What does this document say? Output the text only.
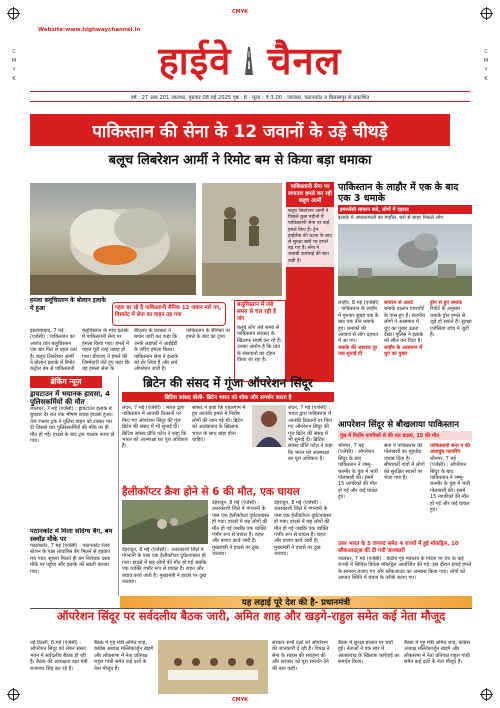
CMYK
CMYK
C
M
Y
K
C
M
Y
K
Website:www.highwaychannel.in
हाईवे चैनल
वर्ष : 27 अंक 201 जालंधर, गुरुवार 08 मई 2025 पृष्ठ : 8 · मूल्य : ₹ 3.00 · जालंधर, पठानकोट व बिलासपुर से प्रकाशित
पाकिस्तान की सेना के 12 जवानों के उड़े चीथड़े
बलूच लिबरेशन आर्मी ने रिमोट बम से किया बड़ा धमाका
पाकिस्तानी सेना पर लगातार हमले कर रही बलूच आर्मी
बलूच लिबरेशन आर्मी ने पिछले कुछ महीनों में पाकिस्तानी सेना पर कई हमले किए हैं। ट्रेन हाईजैक की घटना के बाद से सुरक्षा बलों पर हमले बढ़ गए हैं। सेना ने जवाबी कार्रवाई की बात कही है।
हमला बलूचिस्तान के बोलान इलाके में हुआ	गहरा डर रहे है पाकिस्तानी सैनिक 12 जवान मारे गए, विस्फोट में सेना का वाहन उड़ गया
बलूचिस्तान में लंबे समय से चल रही है जंग
बलूच लोग लंबे समय से पाकिस्तान सरकार के खिलाफ संघर्ष कर रहे हैं। उनका आरोप है कि प्रांत के संसाधनों का दोहन किया जा रहा है।
इस्लामाबाद, 7 मई (एजेंसी) : पाकिस्तान का अशांत प्रांत बलूचिस्तान एक बार फिर से दहल उठा है। बलूच लिबरेशन आर्मी ने बोलान इलाके में रिमोट कंट्रोल बम से पाकिस्तानी
बलूचिस्तान के माच इलाके में पाकिस्तानी सेना पर हमला किया गया। हमले में वाहन पूरी तरह तबाह हो गया। बीएलए ने हमले की जिम्मेदारी लेते हुए कहा कि यह हमला सेना के
बीएलए के प्रवक्ता ने बयान जारी कर कहा कि उनके लड़ाकों ने आईईडी के जरिए हमला किया। पाकिस्तान सेना ने इलाके को घेर लिया है और सर्च ऑपरेशन जारी है।
पाकिस्तान के सैनिकों पर हमले के बाद का दृश्य
पाकिस्तान के लाहौर में एक के बाद एक 3 धमाके
इमरजेंसी सायरन बजे, लोगों में दहशत
इलाके में अफरातफरी का माहौल, घरों से बाहर निकले लोग
लाहौर, 8 मई (एजेंसी) : पाकिस्तान के लाहौर में गुरुवार सुबह एक के बाद एक तीन धमाके हुए। धमाकों की आवाज से लोग दहशत में आ गए।
धमाके की आवाज दूर तक सुनाई दी
सायरन से अलर्ट
धमाके वाल्टन एयरपोर्ट के पास हुए हैं। स्थानीय लोगों ने आसमान में धुएं का गुबार उठता देखा। पुलिस ने इलाके को सील कर दिया है।
लाहौर के आसमान में धुएं का गुबार
ड्रोन से हुए धमाके
रिपोर्ट के अनुसार धमाके ड्रोन हमले से जुड़े हो सकते हैं। सुरक्षा एजेंसियां जांच में जुटी हैं।
ब्रेकिंग न्यूज़
ड्रायटाउन में भयानक हादसा, 4 पुलिसकर्मियों की मौत
जालंधर, 7 मई (एजेंसी) : ड्रायटाउन इलाके में बुधवार देर रात एक भीषण सड़क हादसा हुआ। तेज रफ्तार ट्रक ने पुलिस वाहन को टक्कर मार दी जिससे चार पुलिसकर्मियों की मौके पर ही मौत हो गई। हादसे के बाद ट्रक चालक फरार हो गया।
पठानकोट में मिला संदिग्ध बैग, बम स्क्वॉड मौके पर
पठानकोट, 7 मई (एजेंसी) : पठानकोट रेलवे स्टेशन के पास लावारिस बैग मिलने से हड़कंप मच गया। सूचना मिलते ही बम निरोधक दस्ता मौके पर पहुंचा और इलाके को खाली कराया गया।
ब्रिटेन की संसद में गूंजा ऑपरेशन सिंदूर
ब्रिटिश सांसद बोली- ब्रिटेन भारत को शोक और समर्थन करता है
लंदन, 7 मई (एजेंसी) : भारत द्वारा पाकिस्तान में आतंकी ठिकानों पर किए गए ऑपरेशन सिंदूर की गूंज ब्रिटेन की संसद में भी सुनाई दी। ब्रिटिश सांसद प्रीति पटेल ने कहा कि भारत को आत्मरक्षा का पूरा अधिकार है।
सांसद ने कहा कि पहलगाम में हुए आतंकी हमले में निर्दोष लोगों की जान गई थी। ब्रिटेन को आतंकवाद के खिलाफ भारत के साथ खड़ा होना चाहिए।
लंदन, 7 मई (एजेंसी) : भारत द्वारा पाकिस्तान में आतंकी ठिकानों पर किए गए ऑपरेशन सिंदूर की गूंज ब्रिटेन की संसद में भी सुनाई दी। ब्रिटिश सांसद प्रीति पटेल ने कहा कि भारत को आत्मरक्षा का पूरा अधिकार है।
हैलीकॉप्टर क्रैश होने से 6 की मौत, एक घायल
देहरादून, 8 मई (एजेंसी) : उत्तरकाशी जिले में गंगनानी के पास एक हेलीकॉप्टर दुर्घटनाग्रस्त हो गया। हादसे में छह लोगों की मौत हो गई जबकि एक व्यक्ति गंभीर रूप से घायल है। राहत और बचाव कार्य जारी है। मुख्यमंत्री ने हादसे पर दुख जताया।
देहरादून, 8 मई (एजेंसी) : उत्तरकाशी जिले में गंगनानी के पास एक हेलीकॉप्टर दुर्घटनाग्रस्त हो गया। हादसे में छह लोगों की मौत हो गई जबकि एक व्यक्ति गंभीर रूप से घायल है। राहत और बचाव कार्य जारी है। मुख्यमंत्री ने हादसे पर दुख जताया।
देहरादून, 8 मई (एजेंसी) : उत्तरकाशी जिले में गंगनानी के पास एक हेलीकॉप्टर दुर्घटनाग्रस्त हो गया। हादसे में छह लोगों की मौत हो गई जबकि एक व्यक्ति गंभीर रूप से घायल है। राहत और बचाव कार्य जारी है। मुख्यमंत्री ने हादसे पर दुख जताया।
आपरेशन सिंदूर से बौखलाया पाकिस्तान
पुंछ में निर्दोष नागरिकों से की रात बदला, 15 की मौत
श्रीनगर, 7 मई (एजेंसी) : ऑपरेशन सिंदूर के बाद पाकिस्तान ने जम्मू-कश्मीर के पुंछ में भारी गोलाबारी की। इसमें 15 नागरिकों की मौत हो गई और कई घायल हुए।
सेना ने पाकिस्तान की गोलाबारी का मुंहतोड़ जवाब दिया है। सीमावर्ती गांवों में लोगों को सुरक्षित स्थानों पर भेजा गया है।
पाकिस्तानी सेना ने की अंधाधुंध फायरिंग
श्रीनगर, 7 मई (एजेंसी) : ऑपरेशन सिंदूर के बाद पाकिस्तान ने जम्मू-कश्मीर के पुंछ में भारी गोलाबारी की। इसमें 15 नागरिकों की मौत हो गई और कई घायल हुए।
उत्तर भारत के 5 जनपद समेत 4 राज्यों में हुई मॉकड्रिल, 10 ब्लैकआउट्स की दी गयी जानकारी
जालंधर, 7 मई (एजेंसी) : केंद्रीय गृह मंत्रालय के निर्देश पर देश के कई राज्यों में सिविल डिफेंस मॉकड्रिल आयोजित की गई। इस दौरान हवाई हमले के सायरन बजाए गए और ब्लैकआउट का अभ्यास किया गया। लोगों को आपात स्थिति में बचाव के तरीके बताए गए।
यह लड़ाई पूरे देश की है- प्रधानमंत्री
ऑपरेशन सिंदूर पर सर्वदलीय बैठक जारी, अमित शाह और खड़गे-राहुल समेत कई नेता मौजूद
नई दिल्ली, 8 मई (एजेंसी) : ऑपरेशन सिंदूर को लेकर संसद भवन में सर्वदलीय बैठक हो रही है। बैठक की अध्यक्षता रक्षा मंत्री राजनाथ सिंह कर रहे हैं।
बैठक में गृह मंत्री अमित शाह, कांग्रेस अध्यक्ष मल्लिकार्जुन खड़गे और लोकसभा में नेता प्रतिपक्ष राहुल गांधी समेत कई दलों के नेता मौजूद हैं।
सरकार सभी दलों को ऑपरेशन की जानकारी दे रही है। विपक्ष ने सेना के साहस की सराहना की और सरकार को पूरा समर्थन देने की बात कही।
बैठक में सुरक्षा हालात पर चर्चा हुई। नेताओं ने एक स्वर में आतंकवाद के खिलाफ कार्रवाई का समर्थन किया।
बैठक में गृह मंत्री अमित शाह, कांग्रेस अध्यक्ष मल्लिकार्जुन खड़गे और लोकसभा में नेता प्रतिपक्ष राहुल गांधी समेत कई दलों के नेता मौजूद हैं।
